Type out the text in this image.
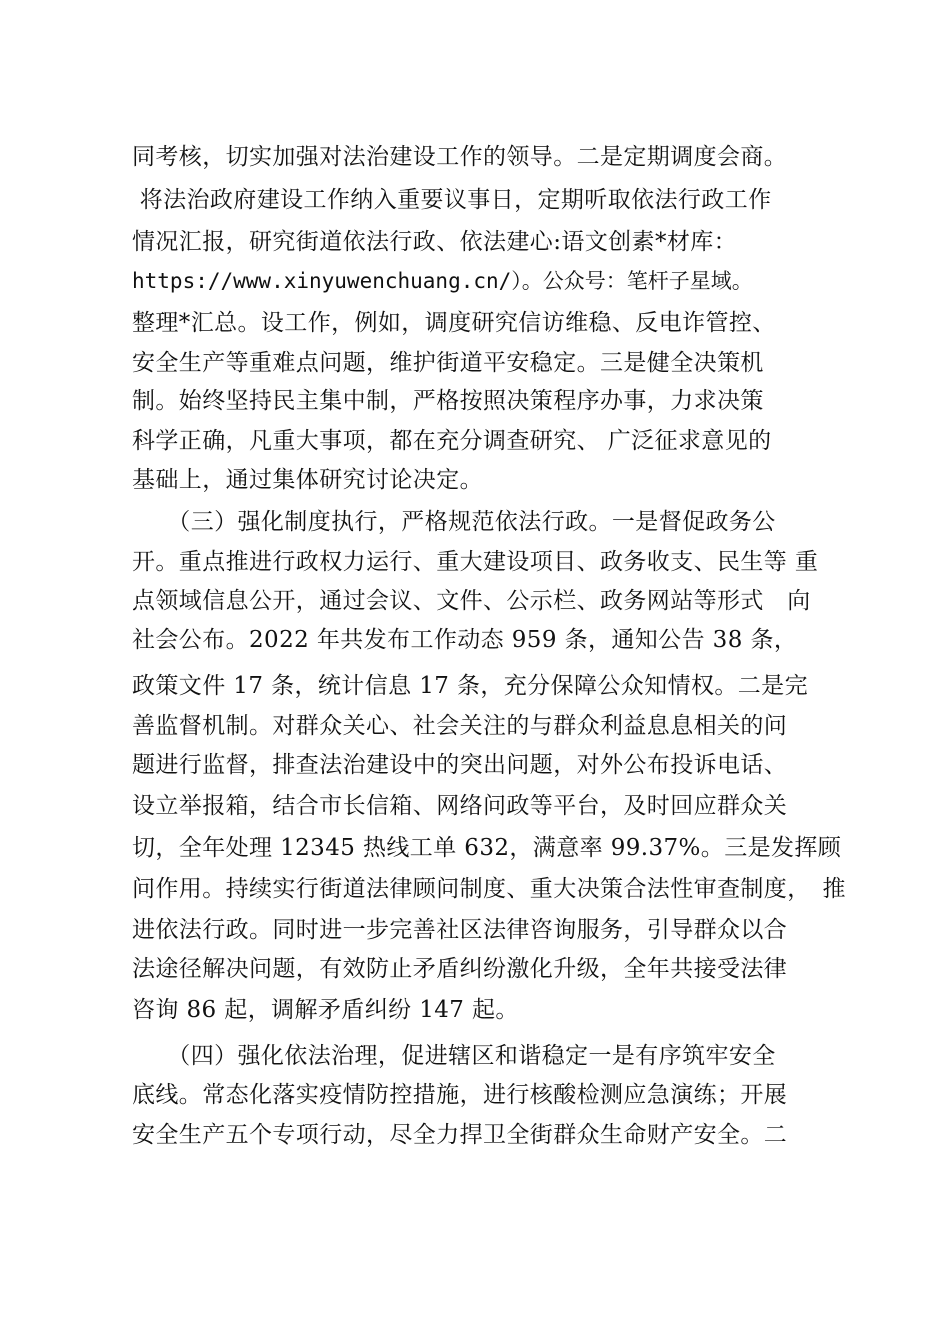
同考核，切实加强对法治建设工作的领导。二是定期调度会商。
将法治政府建设工作纳入重要议事日，定期听取依法行政工作
情况汇报，研究街道依法行政、依法建心:语文创素*材库：
https://www.xinyuwenchuang.cn/）。公众号：笔杆子星域。
整理*汇总。设工作，例如，调度研究信访维稳、反电诈管控、
安全生产等重难点问题，维护街道平安稳定。三是健全决策机
制。始终坚持民主集中制，严格按照决策程序办事，力求决策
科学正确，凡重大事项，都在充分调查研究、 广泛征求意见的
基础上，通过集体研究讨论决定。
　　（三）强化制度执行，严格规范依法行政。一是督促政务公
开。重点推进行政权力运行、重大建设项目、政务收支、民生等 重
点领域信息公开，通过会议、文件、公示栏、政务网站等形式　向
社会公布。2022 年共发布工作动态 959 条，通知公告 38 条，
政策文件 17 条，统计信息 17 条，充分保障公众知情权。二是完
善监督机制。对群众关心、社会关注的与群众利益息息相关的问
题进行监督，排查法治建设中的突出问题，对外公布投诉电话、
设立举报箱，结合市长信箱、网络问政等平台，及时回应群众关
切，全年处理 12345 热线工单 632，满意率 99.37%。三是发挥顾
问作用。持续实行街道法律顾问制度、重大决策合法性审查制度，　推
进依法行政。同时进一步完善社区法律咨询服务，引导群众以合
法途径解决问题，有效防止矛盾纠纷激化升级，全年共接受法律
咨询 86 起，调解矛盾纠纷 147 起。
　　（四）强化依法治理，促进辖区和谐稳定一是有序筑牢安全
底线。常态化落实疫情防控措施，进行核酸检测应急演练；开展
安全生产五个专项行动，尽全力捍卫全街群众生命财产安全。二
